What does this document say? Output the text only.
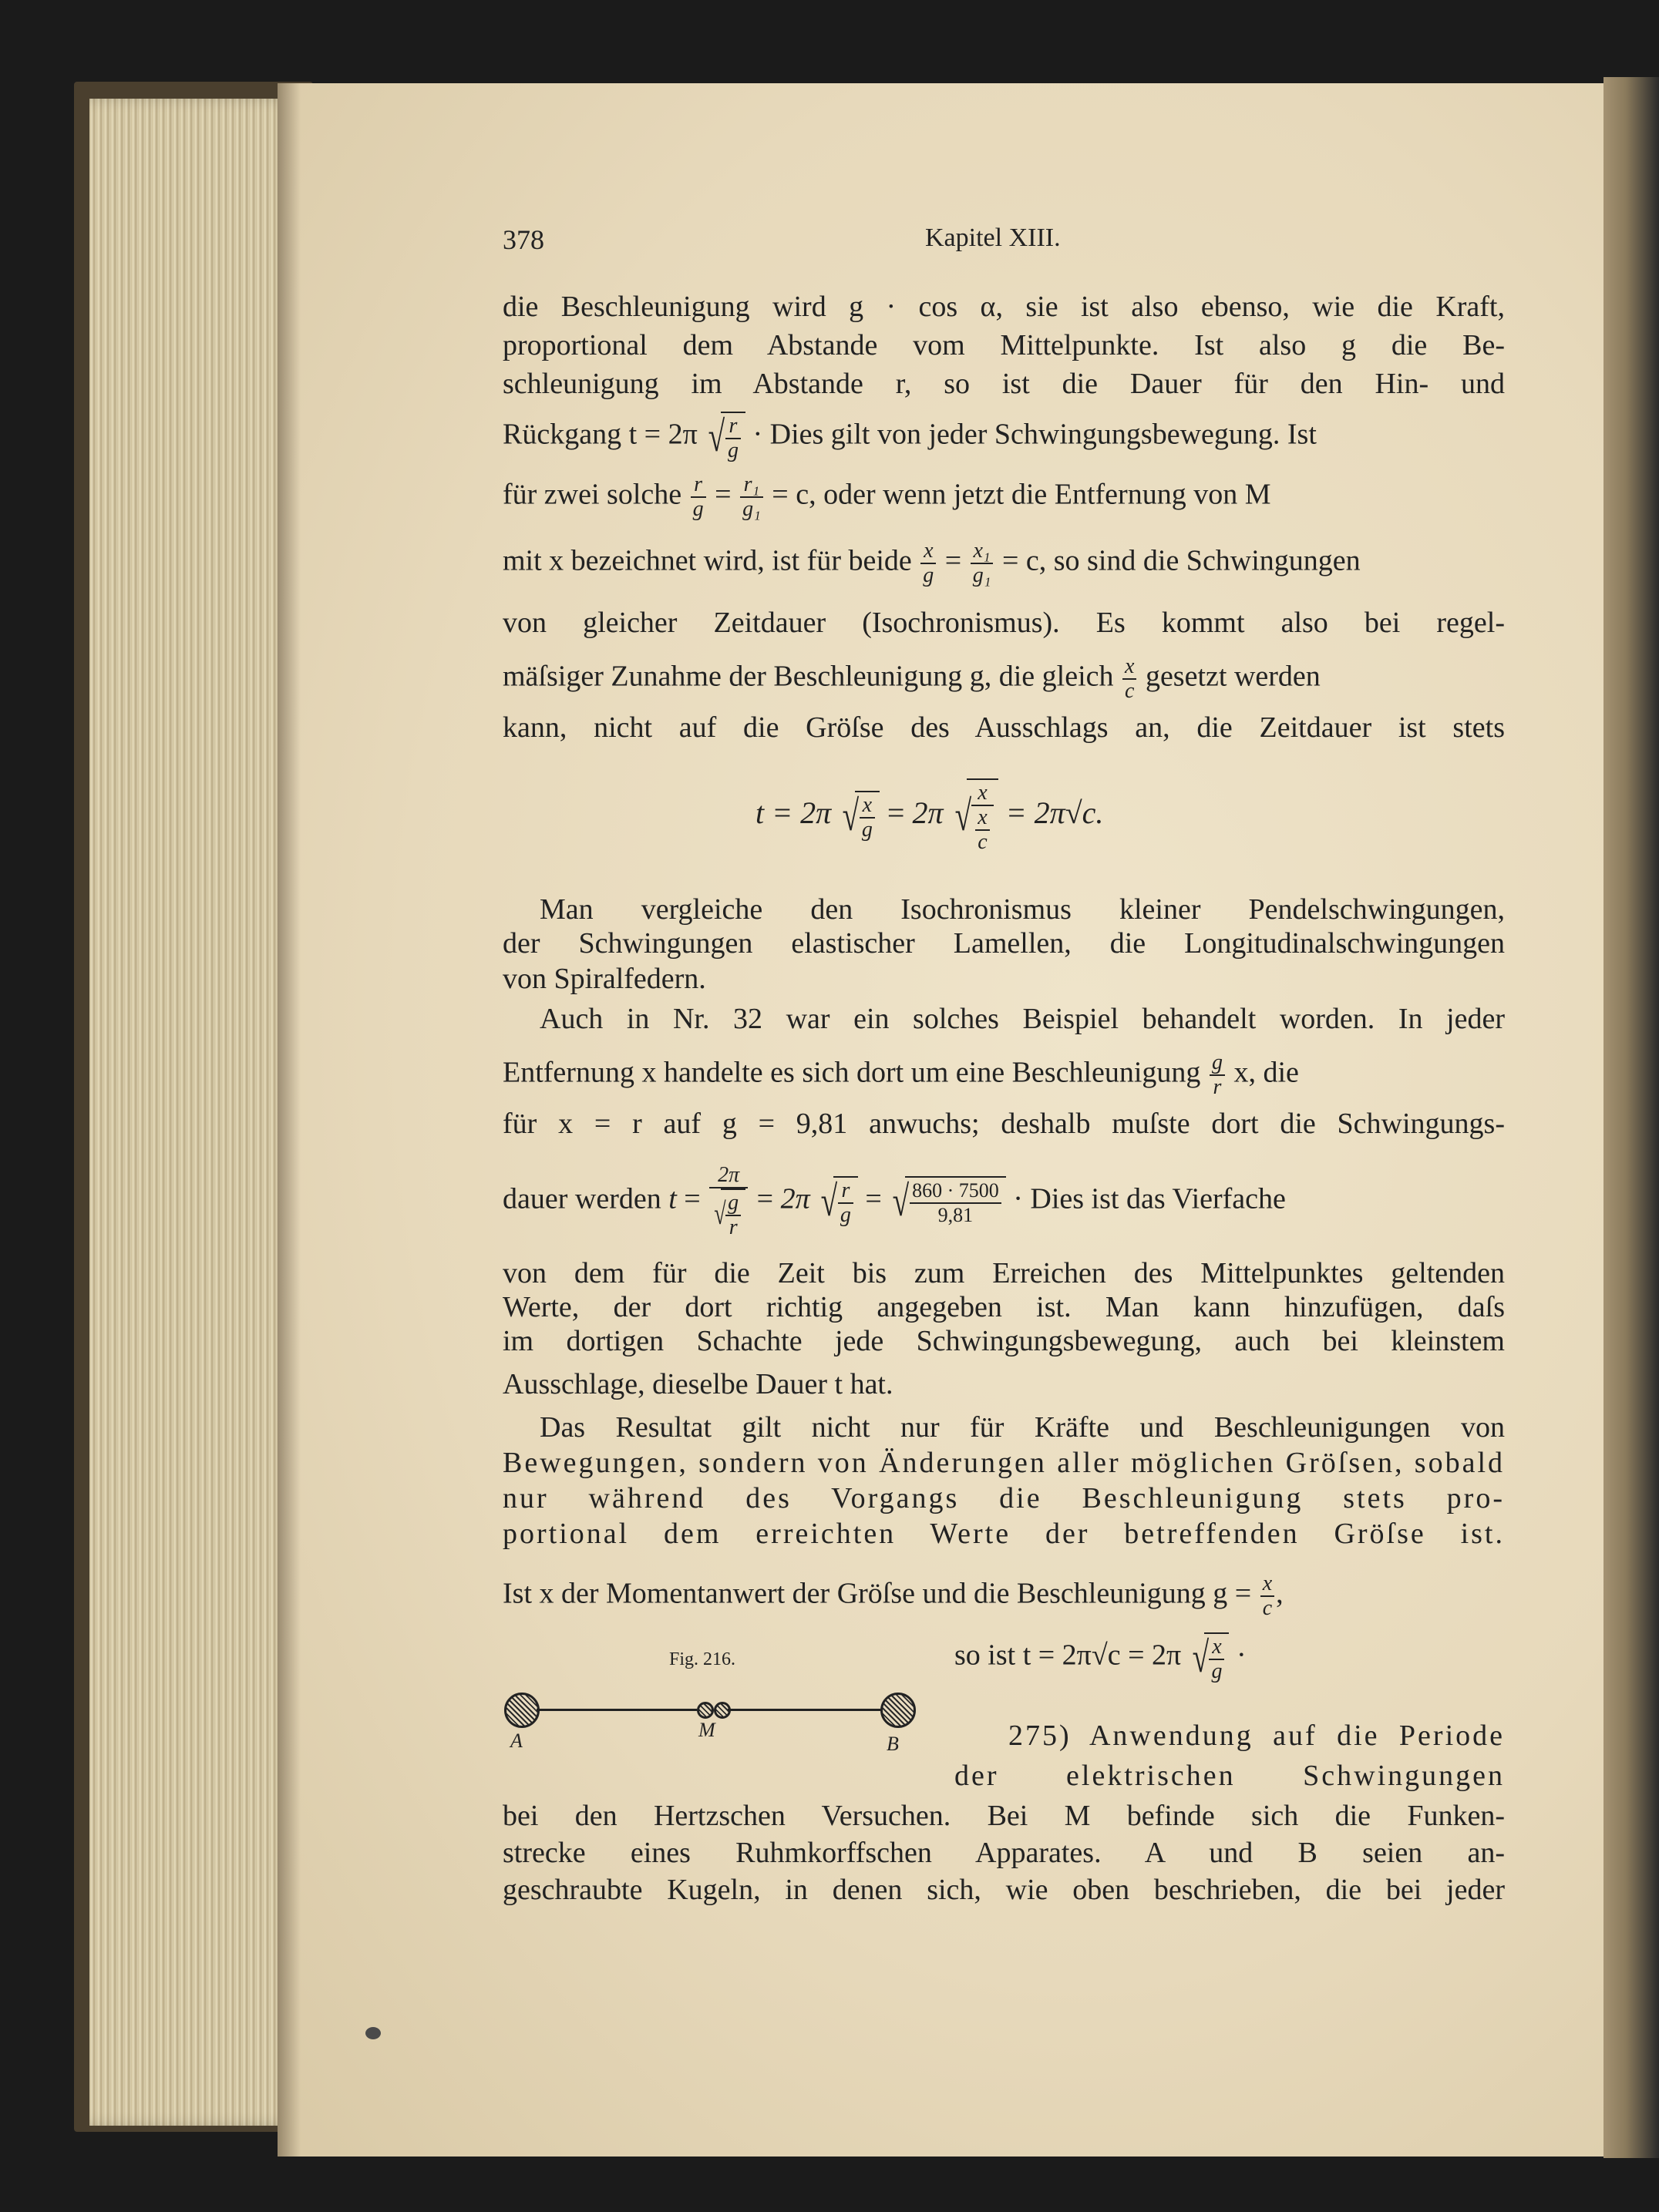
378	Kapitel XIII.
die Beschleunigung wird g · cos α, sie ist also ebenso, wie die Kraft,
proportional dem Abstande vom Mittelpunkte. Ist also g die Be-
schleunigung im Abstande r, so ist die Dauer für den Hin- und
Rückgang t = 2π √ $\frac{r}{g}$ · Dies gilt von jeder Schwingungsbewegung. Ist
für zwei solche $\frac{r}{g} = \frac{\text{r₁}}{\text{g₁}} = c$, oder wenn jetzt die Entfernung von M
mit x bezeichnet wird, ist für beide $\frac{x}{g} = \frac{\text{x₁}}{\text{g₁}} = c$, so sind die Schwingungen
von gleicher Zeitdauer (Isochronismus). Es kommt also bei regel-
mäſsiger Zunahme der Beschleunigung g, die gleich $\frac{x}{c}$ gesetzt werden
kann, nicht auf die Gröſse des Ausschlags an, die Zeitdauer ist stets
t = 2π √ $\frac{x}{g} = 2\pi$ √ $\frac{x}{\frac{x}{c}} = 2\pi√c$.
Man vergleiche den Isochronismus kleiner Pendelschwingungen,
der Schwingungen elastischer Lamellen, die Longitudinalschwingungen
von Spiralfedern.
Auch in Nr. 32 war ein solches Beispiel behandelt worden. In jeder
Entfernung x handelte es sich dort um eine Beschleunigung $\frac{g}{r} x$, die
für x = r auf g = 9,81 anwuchs; deshalb muſste dort die Schwingungs-
dauer werden $t = \frac{2\pi}{√ \frac{g}{r}} = 2\pi$ √ $\frac{r}{g}$ = √ $\frac{860 \cdot 7500}{9,81}$ · Dies ist das Vierfache
von dem für die Zeit bis zum Erreichen des Mittelpunktes geltenden
Werte, der dort richtig angegeben ist. Man kann hinzufügen, daſs
im dortigen Schachte jede Schwingungsbewegung, auch bei kleinstem
Ausschlage, dieselbe Dauer t hat.
Das Resultat gilt nicht nur für Kräfte und Beschleunigungen von
Bewegungen, sondern von Änderungen aller möglichen Gröſsen, sobald
nur während des Vorgangs die Beschleunigung stets pro-
portional dem erreichten Werte der betreffenden Gröſse ist.
Ist x der Momentanwert der Gröſse und die Beschleunigung $g = \frac{x}{c}$ ,
Fig. 216.	so ist t = 2π√c = 2π √ $\frac{x}{g}$ ·
A	M
B	275) Anwendung auf die Periode
der elektrischen Schwingungen
bei den Hertzschen Versuchen. Bei M befinde sich die Funken-
strecke eines Ruhmkorffschen Apparates. A und B seien an-
geschraubte Kugeln, in denen sich, wie oben beschrieben, die bei jeder
